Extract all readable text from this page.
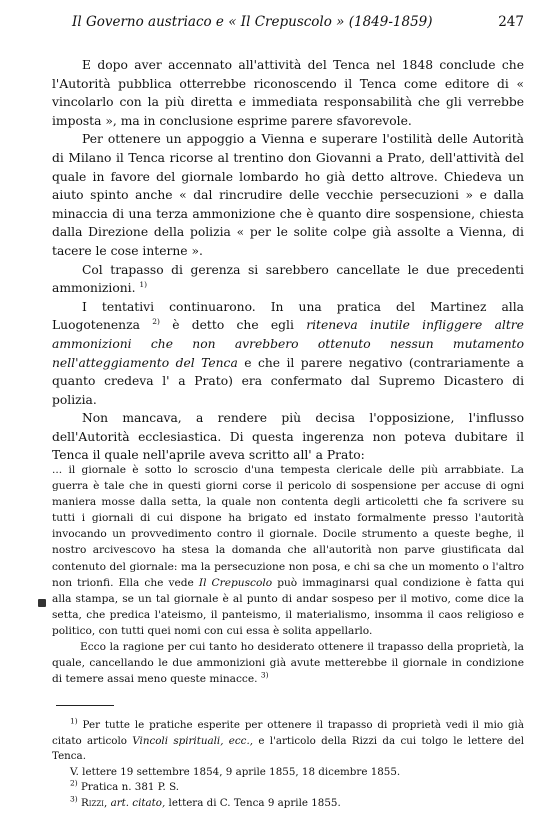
Il Governo austriaco e « Il Crepuscolo » (1849-1859)	247

E dopo aver accennato all'attività del Tenca nel 1848 conclude che l'Autorità pubblica otterrebbe riconoscendo il Tenca come editore di « vincolarlo con la più diretta e immediata responsabilità che gli verrebbe imposta », ma in conclusione esprime parere sfavorevole.

Per ottenere un appoggio a Vienna e superare l'ostilità delle Autorità di Milano il Tenca ricorse al trentino don Giovanni a Prato, dell'attività del quale in favore del giornale lombardo ho già detto altrove. Chiedeva un aiuto spinto anche « dal rincrudire delle vecchie persecuzioni » e dalla minaccia di una terza ammonizione che è quanto dire sospensione, chiesta dalla Direzione della polizia « per le solite colpe già assolte a Vienna, di tacere le cose interne ».

Col trapasso di gerenza si sarebbero cancellate le due precedenti ammonizioni. $^{1)}$

I tentativi continuarono. In una pratica del Martinez alla Luogotenenza $^{2)}$ è detto che egli riteneva inutile infliggere altre ammonizioni che non avrebbero ottenuto nessun mutamento nell'atteggiamento del Tenca e che il parere negativo (contrariamente a quanto credeva l' a Prato) era confermato dal Supremo Dicastero di polizia.

Non mancava, a rendere più decisa l'opposizione, l'influsso dell'Autorità ecclesiastica. Di questa ingerenza non poteva dubitare il Tenca il quale nell'aprile aveva scritto all' a Prato:

... il giornale è sotto lo scroscio d'una tempesta clericale delle più arrabbiate. La guerra è tale che in questi giorni corse il pericolo di sospensione per accuse di ogni maniera mosse dalla setta, la quale non contenta degli articoletti che fa scrivere su tutti i giornali di cui dispone ha brigato ed instato formalmente presso l'autorità invocando un provvedimento contro il giornale. Docile strumento a queste beghe, il nostro arcivescovo ha stesa la domanda che all'autorità non parve giustificata dal contenuto del giornale: ma la persecuzione non posa, e chi sa che un momento o l'altro non trionfi. Ella che vede Il Crepuscolo può immaginarsi qual condizione è fatta qui alla stampa, se un tal giornale è al punto di andar sospeso per il motivo, come dice la setta, che predica l'ateismo, il panteismo, il materialismo, insomma il caos religioso e politico, con tutti quei nomi con cui essa è solita appellarlo.

Ecco la ragione per cui tanto ho desiderato ottenere il trapasso della proprietà, la quale, cancellando le due ammonizioni già avute metterebbe il giornale in condizione di temere assai meno queste minacce. $^{3)}$

$^{1)}$ Per tutte le pratiche esperite per ottenere il trapasso di proprietà vedi il mio già citato articolo Vincoli spirituali, ecc., e l'articolo della Rizzi da cui tolgo le lettere del Tenca.

V. lettere 19 settembre 1854, 9 aprile 1855, 18 dicembre 1855.

$^{2)}$ Pratica n. 381 P. S.

$^{3)}$ Rizzi, art. citato, lettera di C. Tenca 9 aprile 1855.
